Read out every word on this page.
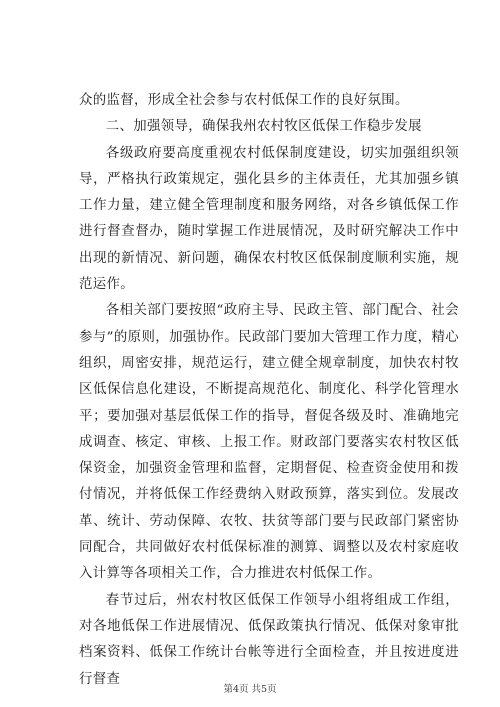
众的监督，形成全社会参与农村低保工作的良好氛围。

二、加强领导，确保我州农村牧区低保工作稳步发展

各级政府要高度重视农村低保制度建设，切实加强组织领导，严格执行政策规定，强化县乡的主体责任，尤其加强乡镇工作力量，建立健全管理制度和服务网络，对各乡镇低保工作进行督查督办，随时掌握工作进展情况，及时研究解决工作中出现的新情况、新问题，确保农村牧区低保制度顺利实施，规范运作。

各相关部门要按照“政府主导、民政主管、部门配合、社会参与”的原则，加强协作。民政部门要加大管理工作力度，精心组织，周密安排，规范运行，建立健全规章制度，加快农村牧区低保信息化建设，不断提高规范化、制度化、科学化管理水平；要加强对基层低保工作的指导，督促各级及时、准确地完成调查、核定、审核、上报工作。财政部门要落实农村牧区低保资金，加强资金管理和监督，定期督促、检查资金使用和拨付情况，并将低保工作经费纳入财政预算，落实到位。发展改革、统计、劳动保障、农牧、扶贫等部门要与民政部门紧密协同配合，共同做好农村低保标准的测算、调整以及农村家庭收入计算等各项相关工作，合力推进农村低保工作。

春节过后，州农村牧区低保工作领导小组将组成工作组，对各地低保工作进展情况、低保政策执行情况、低保对象审批档案资料、低保工作统计台帐等进行全面检查，并且按进度进行督查

第4页 共5页
